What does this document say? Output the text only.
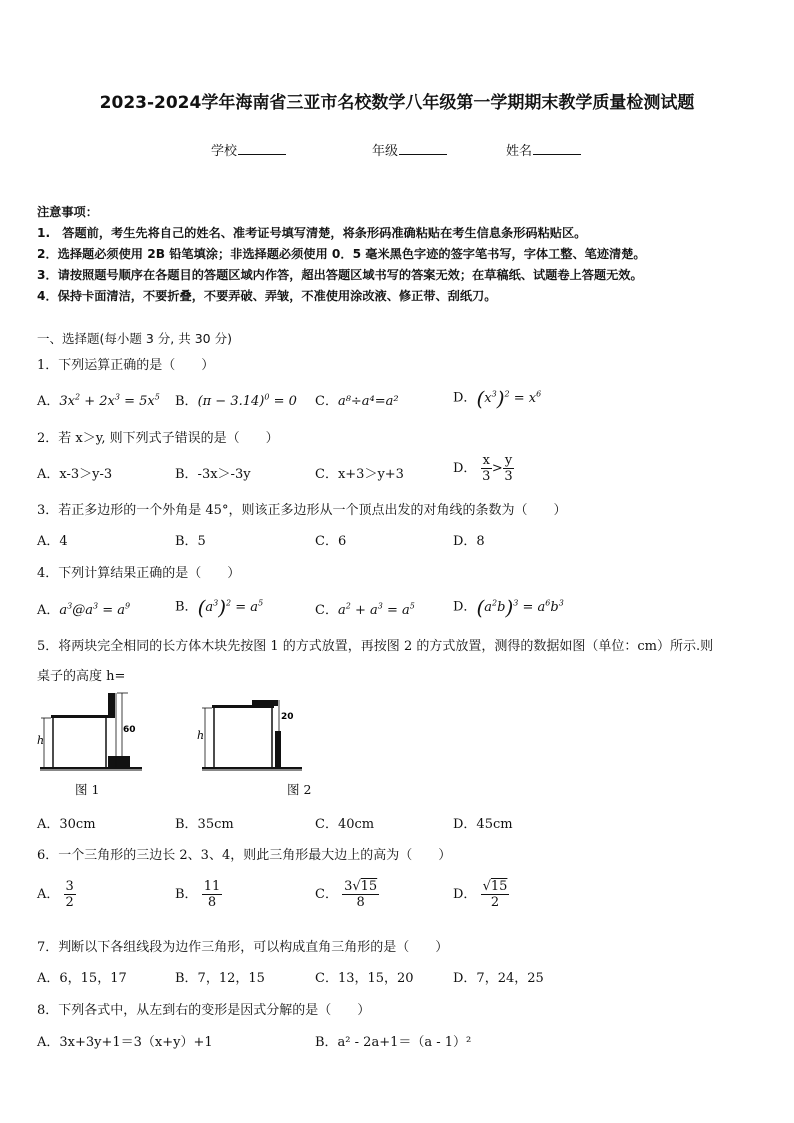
2023-2024学年海南省三亚市名校数学八年级第一学期期末教学质量检测试题
学校	年级	姓名
注意事项：
1.　答题前，考生先将自己的姓名、准考证号填写清楚，将条形码准确粘贴在考生信息条形码粘贴区。
2．选择题必须使用 2B 铅笔填涂；非选择题必须使用 0．5 毫米黑色字迹的签字笔书写，字体工整、笔迹清楚。
3．请按照题号顺序在各题目的答题区域内作答，超出答题区域书写的答案无效；在草稿纸、试题卷上答题无效。
4．保持卡面清洁，不要折叠，不要弄破、弄皱，不准使用涂改液、修正带、刮纸刀。
一、选择题(每小题 3 分, 共 30 分)
1．下列运算正确的是（　　）
A．$3x^2 + 2x^3 = 5x^5$ B．$(\pi - 3.14)^0 = 0$ C．a⁸÷a⁴=a²	D．$(x^3)^2 = x^6$
2．若 x＞y, 则下列式子错误的是（　　）
A．x-3＞y-3	B．-3x＞-3y	C．x+3＞y+3	D． $\frac{x}{3} > \frac{y}{3}$
3．若正多边形的一个外角是 45°，则该正多边形从一个顶点出发的对角线的条数为（　　）
A．4	B．5	C．6	D．8
4．下列计算结果正确的是（　　）
A．$a^3@a^3 = a^9$	B．$(a^3)^2 = a^5$
C．$a^2 + a^3 = a^5$	D．$(a^2b)^3 = a^6b^3$
5．将两块完全相同的长方体木块先按图 1 的方式放置，再按图 2 的方式放置，测得的数据如图（单位：cm）所示.则
桌子的高度 h=
h
60
图 1
h
20
图 2
A．30cm	B．35cm	C．40cm	D．45cm
6．一个三角形的三边长 2、3、4，则此三角形最大边上的高为（　　）
A． $\frac{3}{2}$	B． $\frac{11}{8}$	C． $\frac{3√15}{8}$	D． $\frac{√15}{2}$
7．判断以下各组线段为边作三角形，可以构成直角三角形的是（　　）
A．6，15，17	B．7，12，15	C．13，15，20	D．7，24，25
8．下列各式中，从左到右的变形是因式分解的是（　　）
A．3x+3y+1＝3（x+y）+1	B．a² - 2a+1＝（a - 1）²
